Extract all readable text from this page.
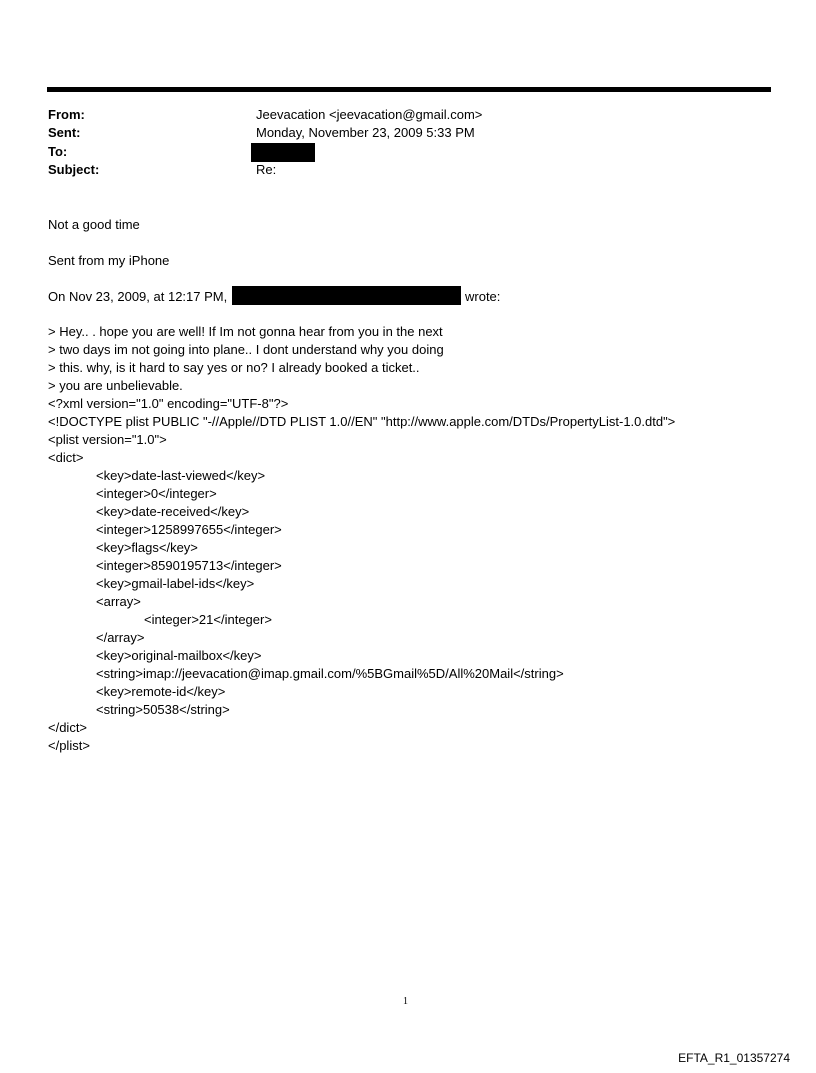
From:	Jeevacation <jeevacation@gmail.com>
Sent:	Monday, November 23, 2009 5:33 PM
To:
Subject:	Re:
Not a good time
Sent from my iPhone
On Nov 23, 2009, at 12:17 PM,	wrote:
> Hey.. . hope you are well! If Im not gonna hear from you in the next
> two days im not going into plane.. I dont understand why you doing
> this. why, is it hard to say yes or no? I already booked a ticket..
> you are unbelievable.
<?xml version="1.0" encoding="UTF-8"?>
<!DOCTYPE plist PUBLIC "-//Apple//DTD PLIST 1.0//EN" "http://www.apple.com/DTDs/PropertyList-1.0.dtd">
<plist version="1.0">
<dict>
<key>date-last-viewed</key>
<integer>0</integer>
<key>date-received</key>
<integer>1258997655</integer>
<key>flags</key>
<integer>8590195713</integer>
<key>gmail-label-ids</key>
<array>
<integer>21</integer>
</array>
<key>original-mailbox</key>
<string>imap://jeevacation@imap.gmail.com/%5BGmail%5D/All%20Mail</string>
<key>remote-id</key>
<string>50538</string>
</dict>
</plist>
1
EFTA_R1_01357274
